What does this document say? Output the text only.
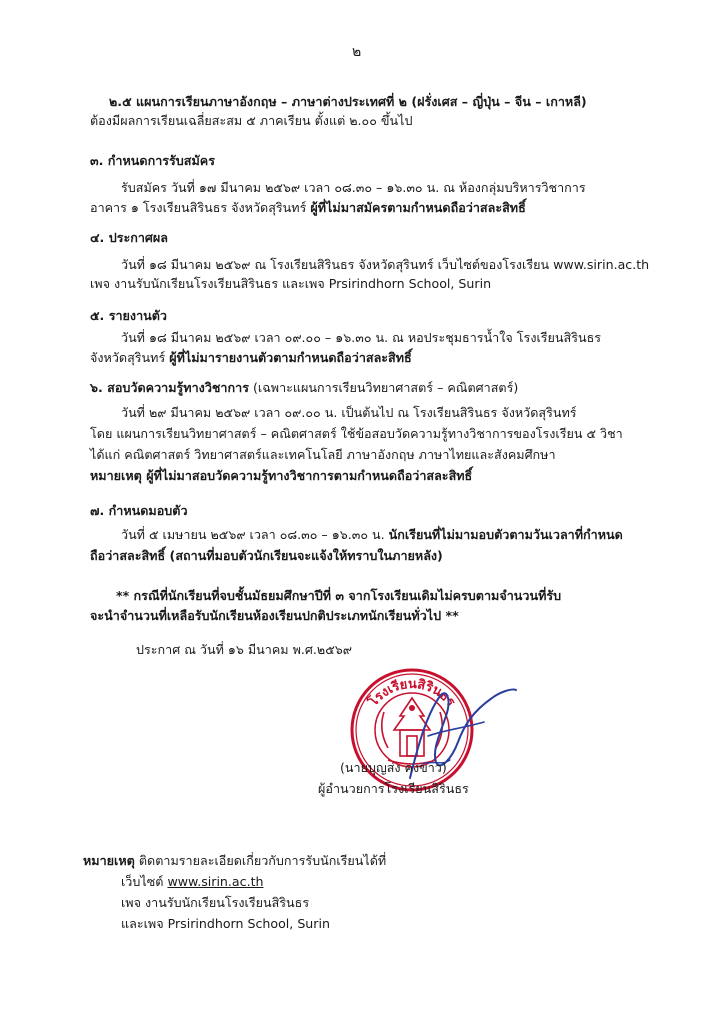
๒
๒.๕ แผนการเรียนภาษาอังกฤษ – ภาษาต่างประเทศที่ ๒ (ฝรั่งเศส – ญี่ปุ่น – จีน – เกาหลี)
ต้องมีผลการเรียนเฉลี่ยสะสม ๕ ภาคเรียน ตั้งแต่ ๒.๐๐ ขึ้นไป
๓. กำหนดการรับสมัคร
รับสมัคร วันที่ ๑๗ มีนาคม ๒๕๖๙ เวลา ๐๘.๓๐ – ๑๖.๓๐ น. ณ ห้องกลุ่มบริหารวิชาการ
อาคาร ๑ โรงเรียนสิรินธร จังหวัดสุรินทร์ ผู้ที่ไม่มาสมัครตามกำหนดถือว่าสละสิทธิ์
๔. ประกาศผล
วันที่ ๑๘ มีนาคม ๒๕๖๙ ณ โรงเรียนสิรินธร จังหวัดสุรินทร์ เว็บไซต์ของโรงเรียน www.sirin.ac.th
เพจ งานรับนักเรียนโรงเรียนสิรินธร และเพจ Prsirindhorn School, Surin
๕. รายงานตัว
วันที่ ๑๘ มีนาคม ๒๕๖๙ เวลา ๐๙.๐๐ – ๑๖.๓๐ น. ณ หอประชุมธารน้ำใจ โรงเรียนสิรินธร
จังหวัดสุรินทร์ ผู้ที่ไม่มารายงานตัวตามกำหนดถือว่าสละสิทธิ์
๖. สอบวัดความรู้ทางวิชาการ (เฉพาะแผนการเรียนวิทยาศาสตร์ – คณิตศาสตร์)
วันที่ ๒๙ มีนาคม ๒๕๖๙ เวลา ๐๙.๐๐ น. เป็นต้นไป ณ โรงเรียนสิรินธร จังหวัดสุรินทร์
โดย แผนการเรียนวิทยาศาสตร์ – คณิตศาสตร์ ใช้ข้อสอบวัดความรู้ทางวิชาการของโรงเรียน ๕ วิชา
ได้แก่ คณิตศาสตร์ วิทยาศาสตร์และเทคโนโลยี ภาษาอังกฤษ ภาษาไทยและสังคมศึกษา
หมายเหตุ ผู้ที่ไม่มาสอบวัดความรู้ทางวิชาการตามกำหนดถือว่าสละสิทธิ์
๗. กำหนดมอบตัว
วันที่ ๕ เมษายน ๒๕๖๙ เวลา ๐๘.๓๐ – ๑๖.๓๐ น. นักเรียนที่ไม่มามอบตัวตามวันเวลาที่กำหนด
ถือว่าสละสิทธิ์ (สถานที่มอบตัวนักเรียนจะแจ้งให้ทราบในภายหลัง)
** กรณีที่นักเรียนที่จบชั้นมัธยมศึกษาปีที่ ๓ จากโรงเรียนเดิมไม่ครบตามจำนวนที่รับ
จะนำจำนวนที่เหลือรับนักเรียนห้องเรียนปกติประเภทนักเรียนทั่วไป **
ประกาศ ณ วันที่ ๑๖ มีนาคม พ.ศ.๒๕๖๙
โรงเรียนสิรินธร
(นายบุญส่ง คงขาว)
ผู้อำนวยการโรงเรียนสิรินธร
หมายเหตุ ติดตามรายละเอียดเกี่ยวกับการรับนักเรียนได้ที่
เว็บไซต์ www.sirin.ac.th
เพจ งานรับนักเรียนโรงเรียนสิรินธร
และเพจ Prsirindhorn School, Surin
